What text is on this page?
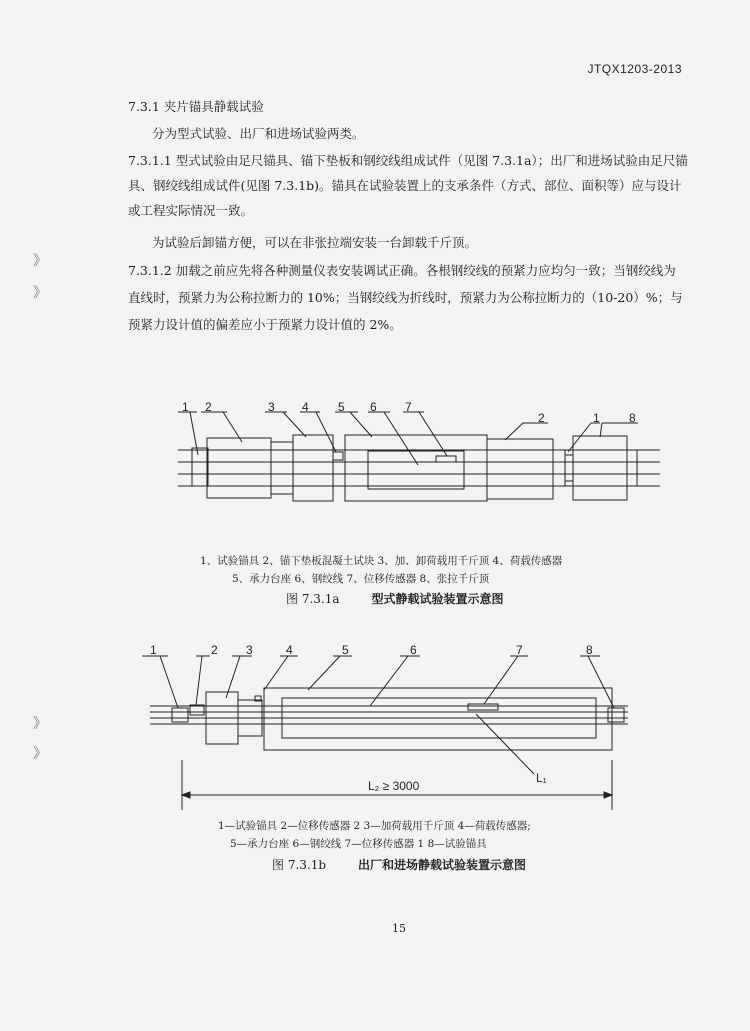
JTQX1203-2013

7.3.1 夹片锚具静载试验

分为型式试验、出厂和进场试验两类。

7.3.1.1 型式试验由足尺锚具、锚下垫板和钢绞线组成试件（见图 7.3.1a）；出厂和进场试验由足尺锚具、钢绞线组成试件(见图 7.3.1b)。锚具在试验装置上的支承条件（方式、部位、面积等）应与设计或工程实际情况一致。

为试验后卸锚方便，可以在非张拉端安装一台卸载千斤顶。

7.3.1.2 加载之前应先将各种测量仪表安装调试正确。各根钢绞线的预紧力应均匀一致；当钢绞线为直线时，预紧力为公称拉断力的 10%；当钢绞线为折线时，预紧力为公称拉断力的（10-20）%；与预紧力设计值的偏差应小于预紧力设计值的 2%。

》
》
》
》
1 2	3 4 5 6 7
2	1 8
1、试验锚具 2、锚下垫板混凝土试块 3、加、卸荷载用千斤顶 4、荷载传感器
5、承力台座 6、钢绞线 7、位移传感器 8、张拉千斤顶
图 7.3.1a	型式静载试验装置示意图
1	2 3	4	5	6	7	8
L₁
L₂ ≥ 3000
1—试验锚具 2—位移传感器 2 3—加荷载用千斤顶 4—荷载传感器;
5—承力台座 6—钢绞线 7—位移传感器 1 8—试验锚具
图 7.3.1b	出厂和进场静载试验装置示意图
15
